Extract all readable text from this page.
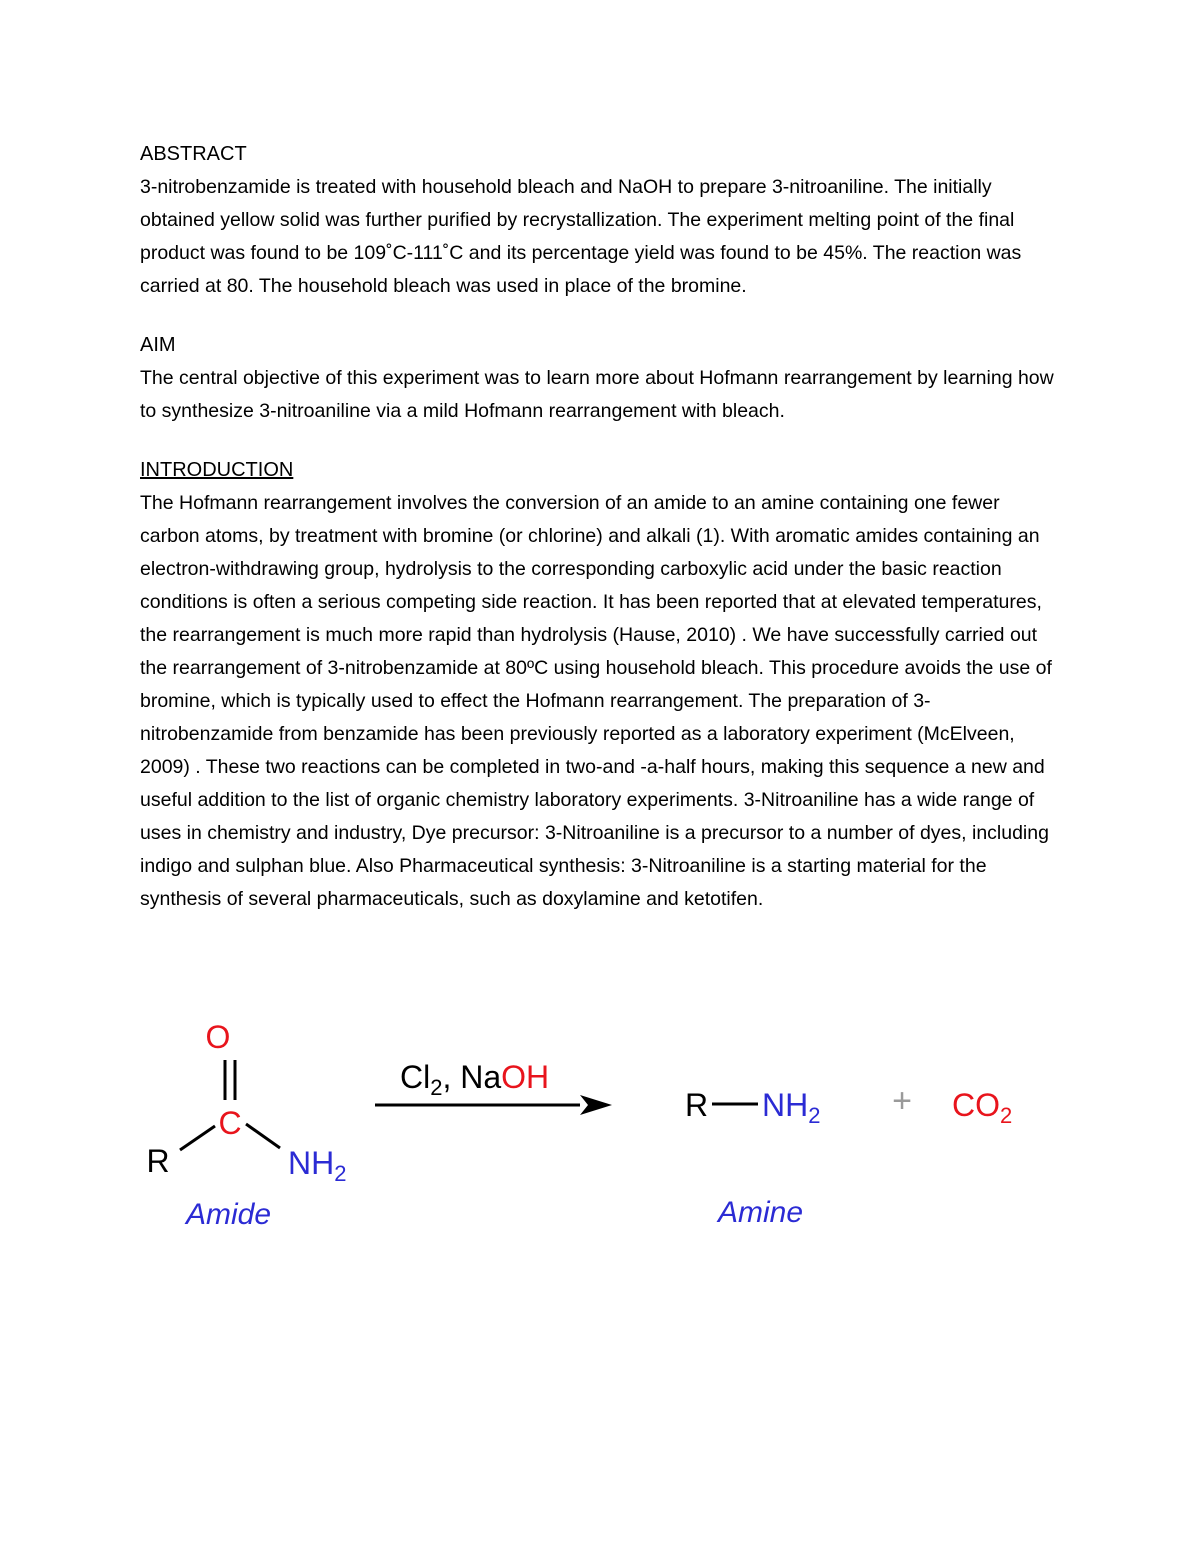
ABSTRACT

3-nitrobenzamide is treated with household bleach and NaOH to prepare 3-nitroaniline. The initially obtained yellow solid was further purified by recrystallization. The experiment melting point of the final product was found to be 109˚C-111˚C and its percentage yield was found to be 45%. The reaction was carried at 80. The household bleach was used in place of the bromine.

AIM

The central objective of this experiment was to learn more about Hofmann rearrangement by learning how to synthesize 3-nitroaniline via a mild Hofmann rearrangement with bleach.

INTRODUCTION

The Hofmann rearrangement involves the conversion of an amide to an amine containing one fewer carbon atoms, by treatment with bromine (or chlorine) and alkali (1). With aromatic amides containing an electron-withdrawing group, hydrolysis to the corresponding carboxylic acid under the basic reaction conditions is often a serious competing side reaction. It has been reported that at elevated temperatures, the rearrangement is much more rapid than hydrolysis (Hause, 2010) . We have successfully carried out the rearrangement of 3-nitrobenzamide at 80ºC using household bleach. This procedure avoids the use of bromine, which is typically used to effect the Hofmann rearrangement. The preparation of 3- nitrobenzamide from benzamide has been previously reported as a laboratory experiment (McElveen, 2009) . These two reactions can be completed in two-and -a-half hours, making this sequence a new and useful addition to the list of organic chemistry laboratory experiments. 3-Nitroaniline has a wide range of uses in chemistry and industry, Dye precursor: 3-Nitroaniline is a precursor to a number of dyes, including indigo and sulphan blue. Also Pharmaceutical synthesis: 3-Nitroaniline is a starting material for the synthesis of several pharmaceuticals, such as doxylamine and ketotifen.

O
C
R	$NH_2$
Amide
$Cl_2$, NaOH
R $NH_2 + CO_2$
Amine
